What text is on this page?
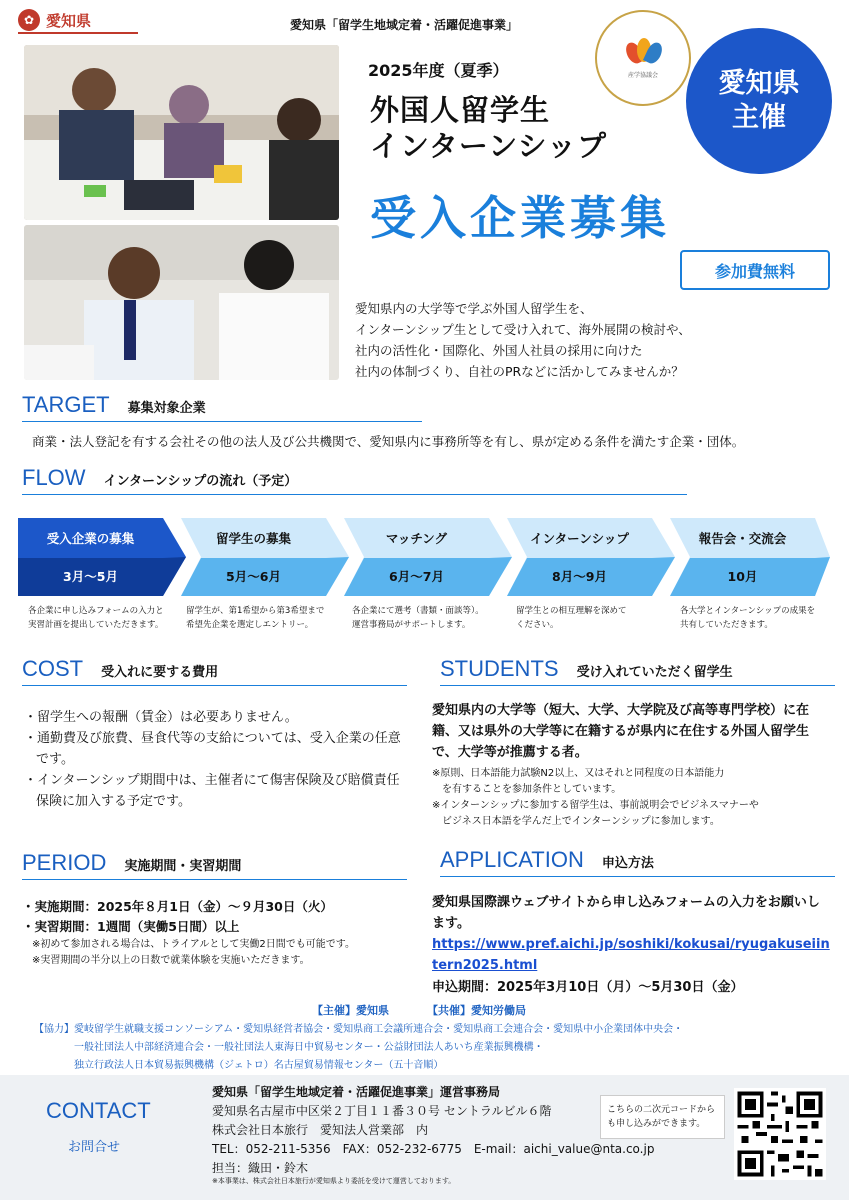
✿ 愛知県	愛知県「留学生地域定着・活躍促進事業」
2025年度（夏季）
外国人留学生
インターンシップ
受入企業募集
産学協議会 愛知県
主催
参加費無料
愛知県内の大学等で学ぶ外国人留学生を、
インターンシップ生として受け入れて、海外展開の検討や、
社内の活性化・国際化、外国人社員の採用に向けた
社内の体制づくり、自社のPRなどに活かしてみませんか？
TARGET 募集対象企業
商業・法人登記を有する会社その他の法人及び公共機関で、愛知県内に事務所等を有し、県が定める条件を満たす企業・団体。
FLOW インターンシップの流れ（予定）
受入企業の募集
3月～5月
留学生の募集
5月～6月
マッチング
6月～7月
インターンシップ
8月～9月
報告会・交流会
10月
各企業に申し込みフォームの入力と
実習計画を提出していただきます。
留学生が、第1希望から第3希望まで
希望先企業を選定しエントリー。
各企業にて選考（書類・面談等）。
運営事務局がサポートします。
留学生との相互理解を深めて
ください。
各大学とインターンシップの成果を
共有していただきます。
COST 受入れに要する費用
・留学生への報酬（賃金）は必要ありません。
・通勤費及び旅費、昼食代等の支給については、受入企業の任意です。
・インターンシップ期間中は、主催者にて傷害保険及び賠償責任保険に加入する予定です。
STUDENTS 受け入れていただく留学生
愛知県内の大学等（短大、大学、大学院及び高等専門学校）に在籍、又は県外の大学等に在籍するが県内に在住する外国人留学生で、大学等が推薦する者。
※原則、日本語能力試験N2以上、又はそれと同程度の日本語能力
　を有することを参加条件としています。
※インターンシップに参加する留学生は、事前説明会でビジネスマナーや
　ビジネス日本語を学んだ上でインターンシップに参加します。
PERIOD 実施期間・実習期間
・実施期間：2025年８月1日（金）～９月30日（火）
・実習期間：1週間（実働5日間）以上
※初めて参加される場合は、トライアルとして実働2日間でも可能です。
※実習期間の半分以上の日数で就業体験を実施いただきます。
APPLICATION 申込方法
愛知県国際課ウェブサイトから申し込みフォームの入力をお願いします。
https://www.pref.aichi.jp/soshiki/kokusai/ryugakuseiintern2025.html
申込期間：2025年3月10日（月）～5月30日（金）
【主催】愛知県	【共催】愛知労働局
【協力】愛岐留学生就職支援コンソーシアム・愛知県経営者協会・愛知県商工会議所連合会・愛知県商工会連合会・愛知県中小企業団体中央会・
一般社団法人中部経済連合会・一般社団法人東海日中貿易センター・公益財団法人あいち産業振興機構・
独立行政法人日本貿易振興機構（ジェトロ）名古屋貿易情報センター（五十音順）
CONTACT
お問合せ
愛知県「留学生地域定着・活躍促進事業」運営事務局
愛知県名古屋市中区栄２丁目１１番３０号 セントラルビル６階
株式会社日本旅行　愛知法人営業部　内
TEL：052-211-5356　FAX：052-232-6775　E-mail：aichi_value@nta.co.jp
担当：織田・鈴木
※本事業は、株式会社日本旅行が愛知県より委託を受けて運営しております。
こちらの二次元コードからも申し込みができます。
